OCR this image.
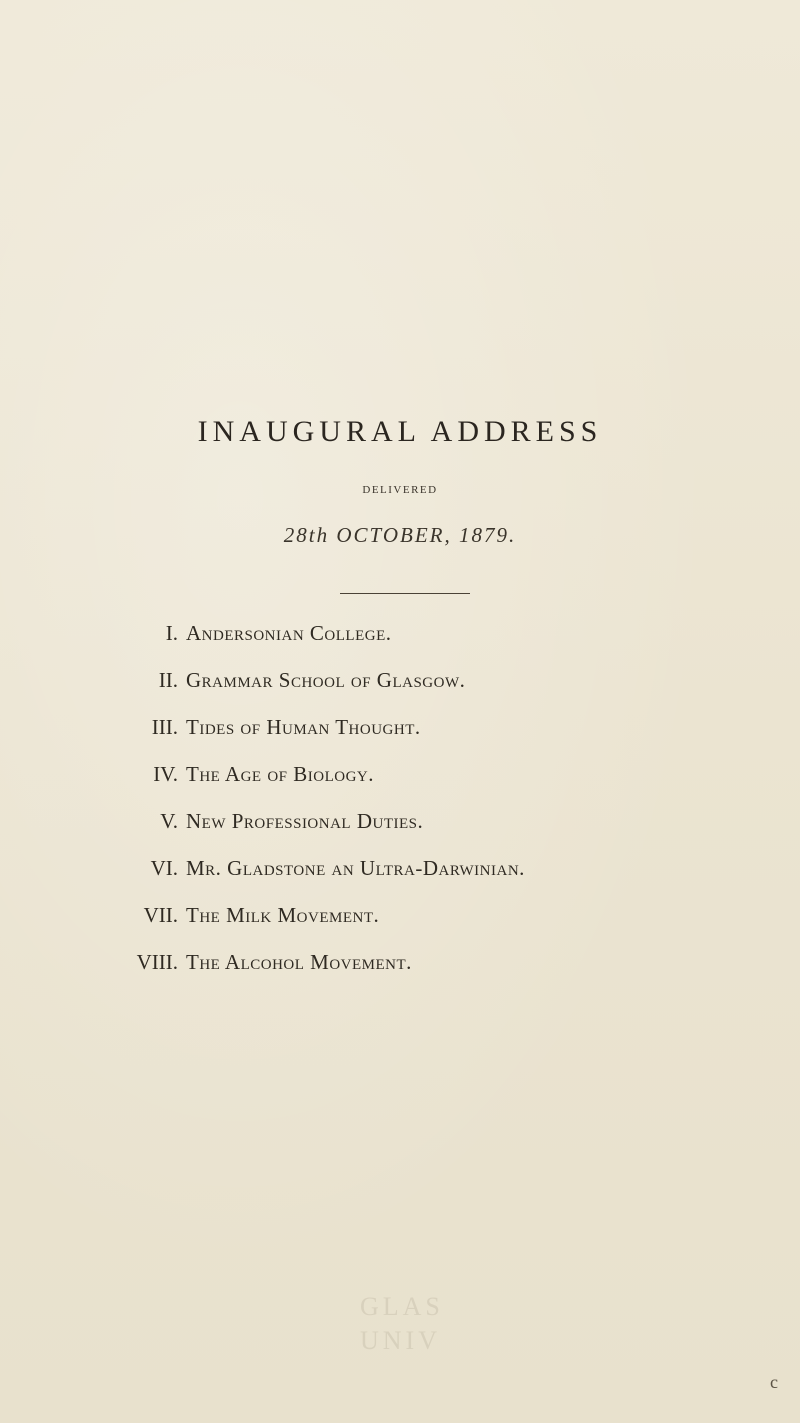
INAUGURAL ADDRESS
DELIVERED
28th OCTOBER, 1879.
I. Andersonian College.
II. Grammar School of Glasgow.
III. Tides of Human Thought.
IV. The Age of Biology.
V. New Professional Duties.
VI. Mr. Gladstone an Ultra-Darwinian.
VII. The Milk Movement.
VIII. The Alcohol Movement.
GLAS
UNIV
c
